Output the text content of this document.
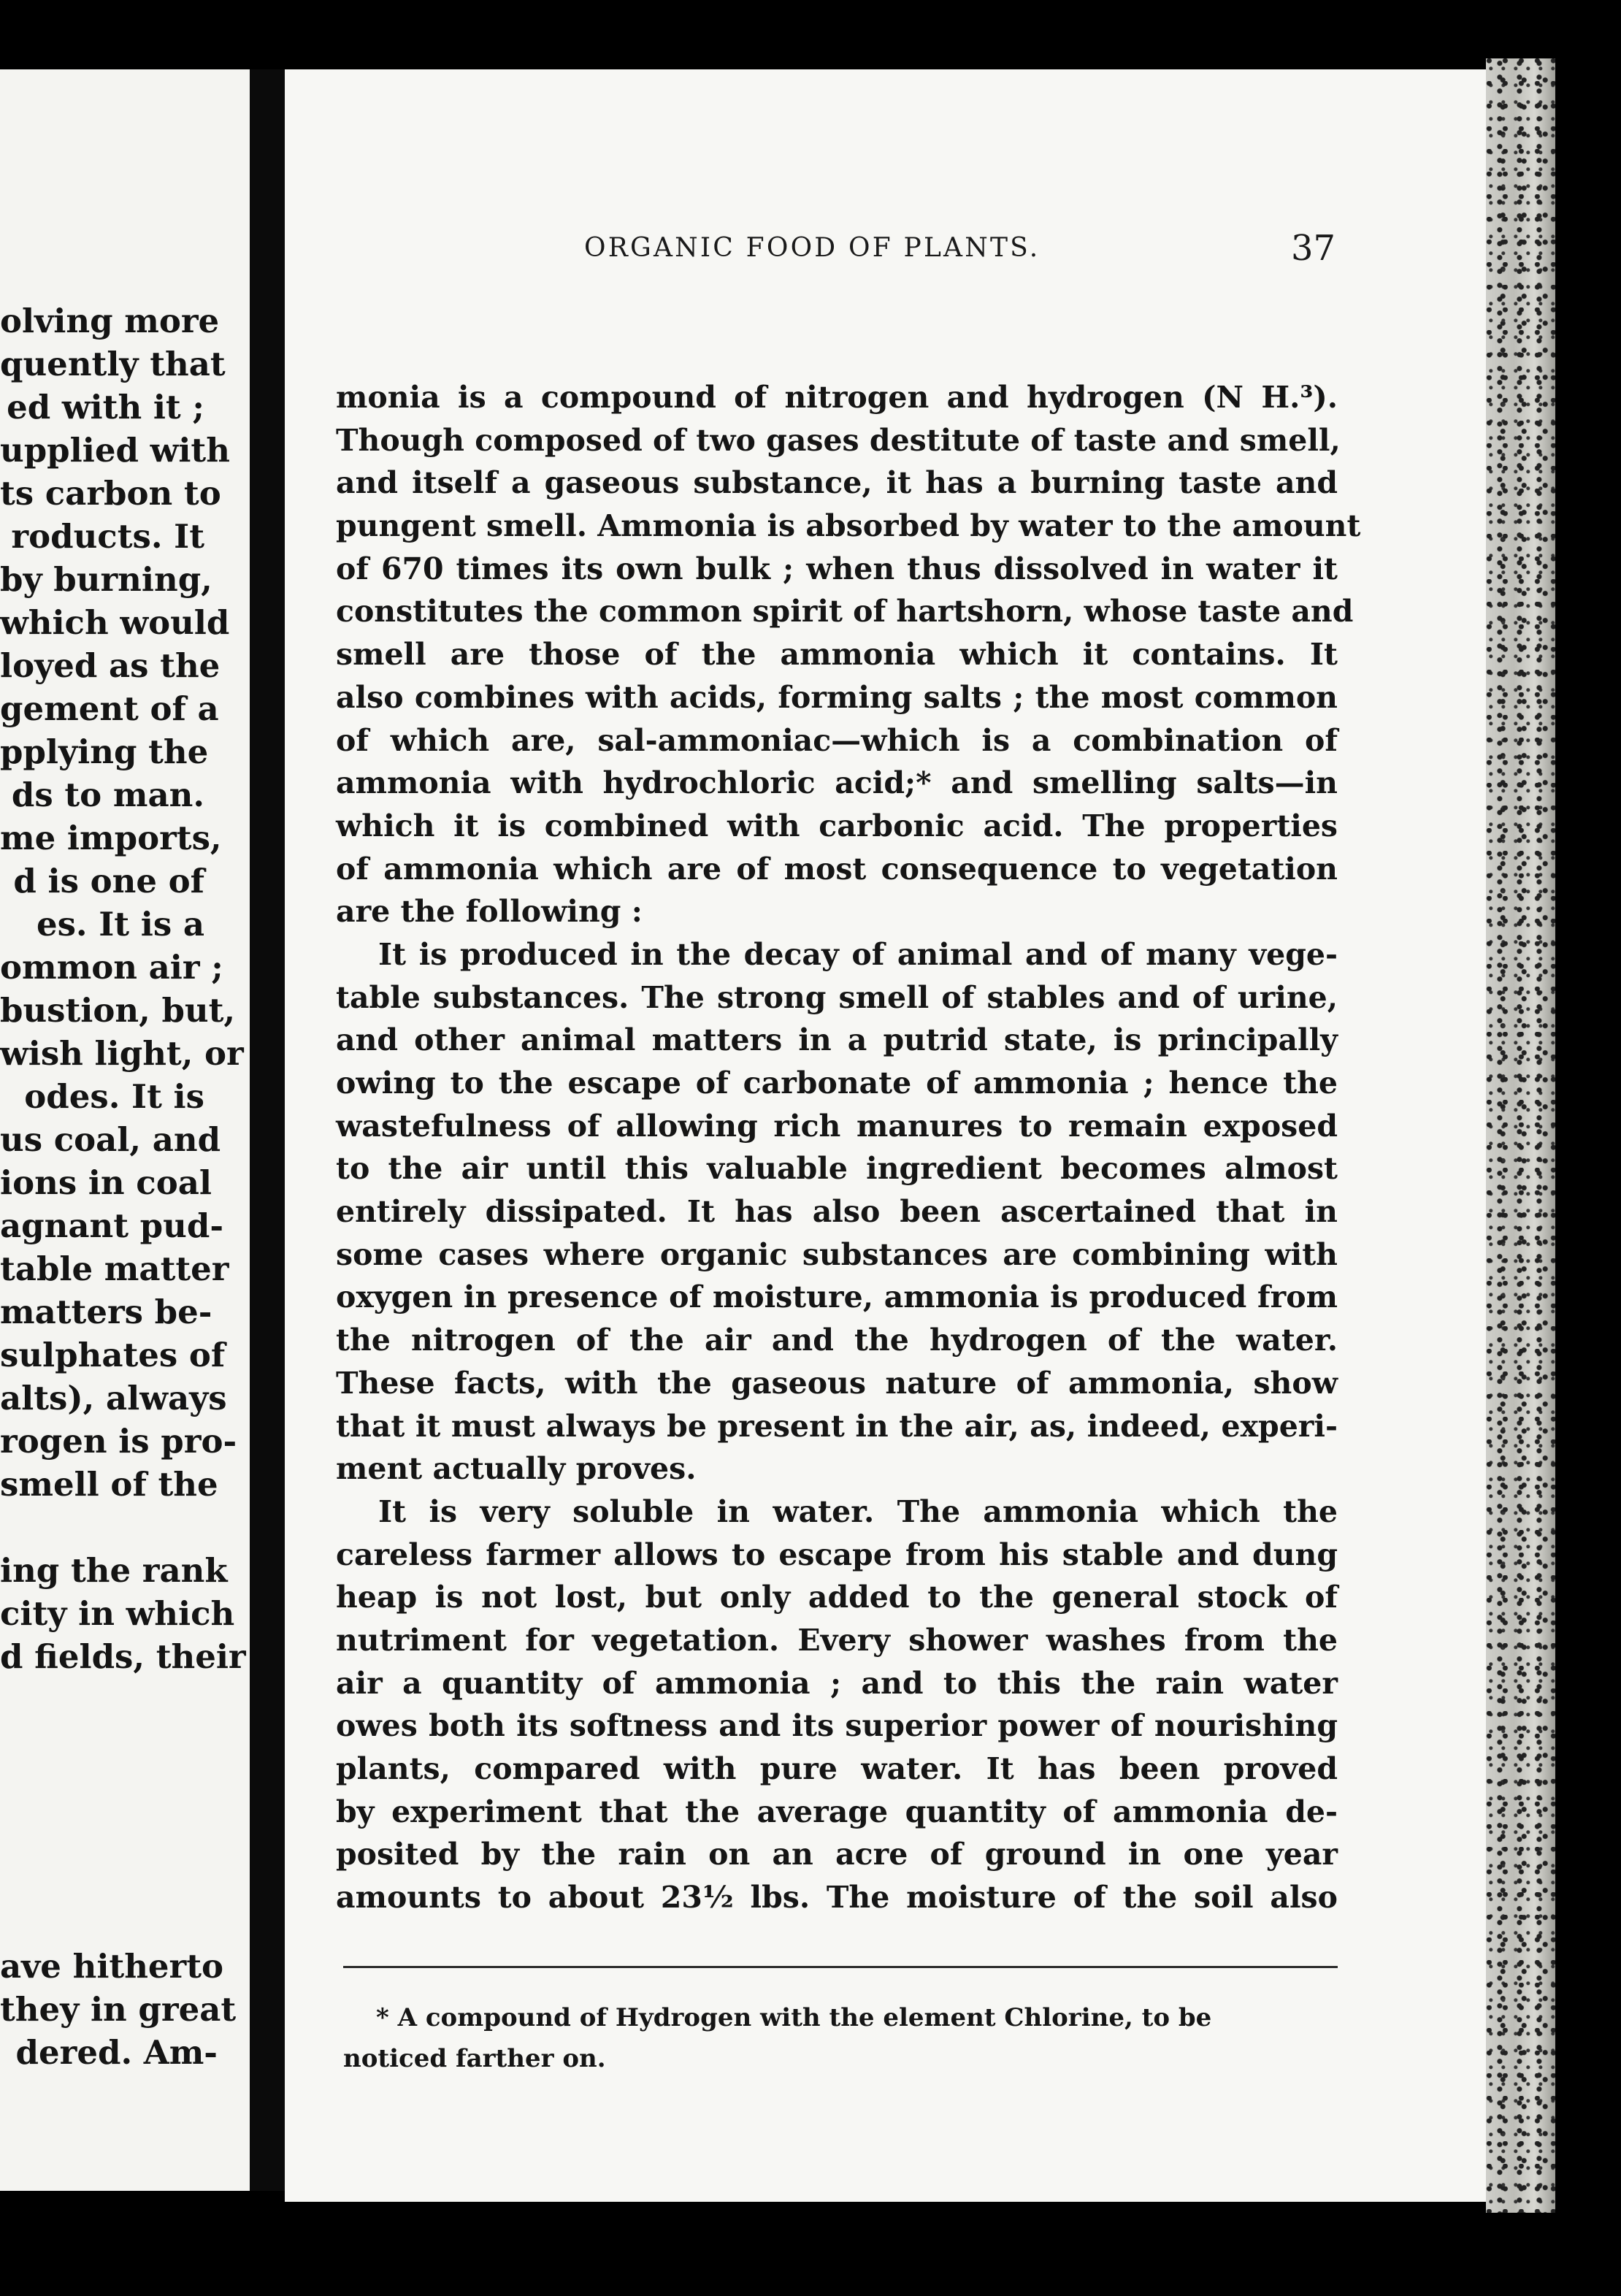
olving more
quently that
ed with it ;
upplied with
ts carbon to
roducts. It
by burning,
which would
loyed as the
gement of a
pplying the
ds to man.
me imports,
d is one of
es. It is a
ommon air ;
bustion, but,
wish light, or
odes. It is
us coal, and
ions in coal
agnant pud-
table matter
matters be-
sulphates of
alts), always
rogen is pro-
smell of the
ing the rank
city in which
d fields, their
ave hitherto
they in great
dered. Am-
ORGANIC FOOD OF PLANTS.	37
monia is a compound of nitrogen and hydrogen (N H.³).
Though composed of two gases destitute of taste and smell,
and itself a gaseous substance, it has a burning taste and
pungent smell. Ammonia is absorbed by water to the amount
of 670 times its own bulk ; when thus dissolved in water it
constitutes the common spirit of hartshorn, whose taste and
smell are those of the ammonia which it contains. It
also combines with acids, forming salts ; the most common
of which are, sal-ammoniac—which is a combination of
ammonia with hydrochloric acid;* and smelling salts—in
which it is combined with carbonic acid. The properties
of ammonia which are of most consequence to vegetation
are the following :
It is produced in the decay of animal and of many vege-
table substances. The strong smell of stables and of urine,
and other animal matters in a putrid state, is principally
owing to the escape of carbonate of ammonia ; hence the
wastefulness of allowing rich manures to remain exposed
to the air until this valuable ingredient becomes almost
entirely dissipated. It has also been ascertained that in
some cases where organic substances are combining with
oxygen in presence of moisture, ammonia is produced from
the nitrogen of the air and the hydrogen of the water.
These facts, with the gaseous nature of ammonia, show
that it must always be present in the air, as, indeed, experi-
ment actually proves.
It is very soluble in water. The ammonia which the
careless farmer allows to escape from his stable and dung
heap is not lost, but only added to the general stock of
nutriment for vegetation. Every shower washes from the
air a quantity of ammonia ; and to this the rain water
owes both its softness and its superior power of nourishing
plants, compared with pure water. It has been proved
by experiment that the average quantity of ammonia de-
posited by the rain on an acre of ground in one year
amounts to about 23½ lbs. The moisture of the soil also
* A compound of Hydrogen with the element Chlorine, to be
noticed farther on.
